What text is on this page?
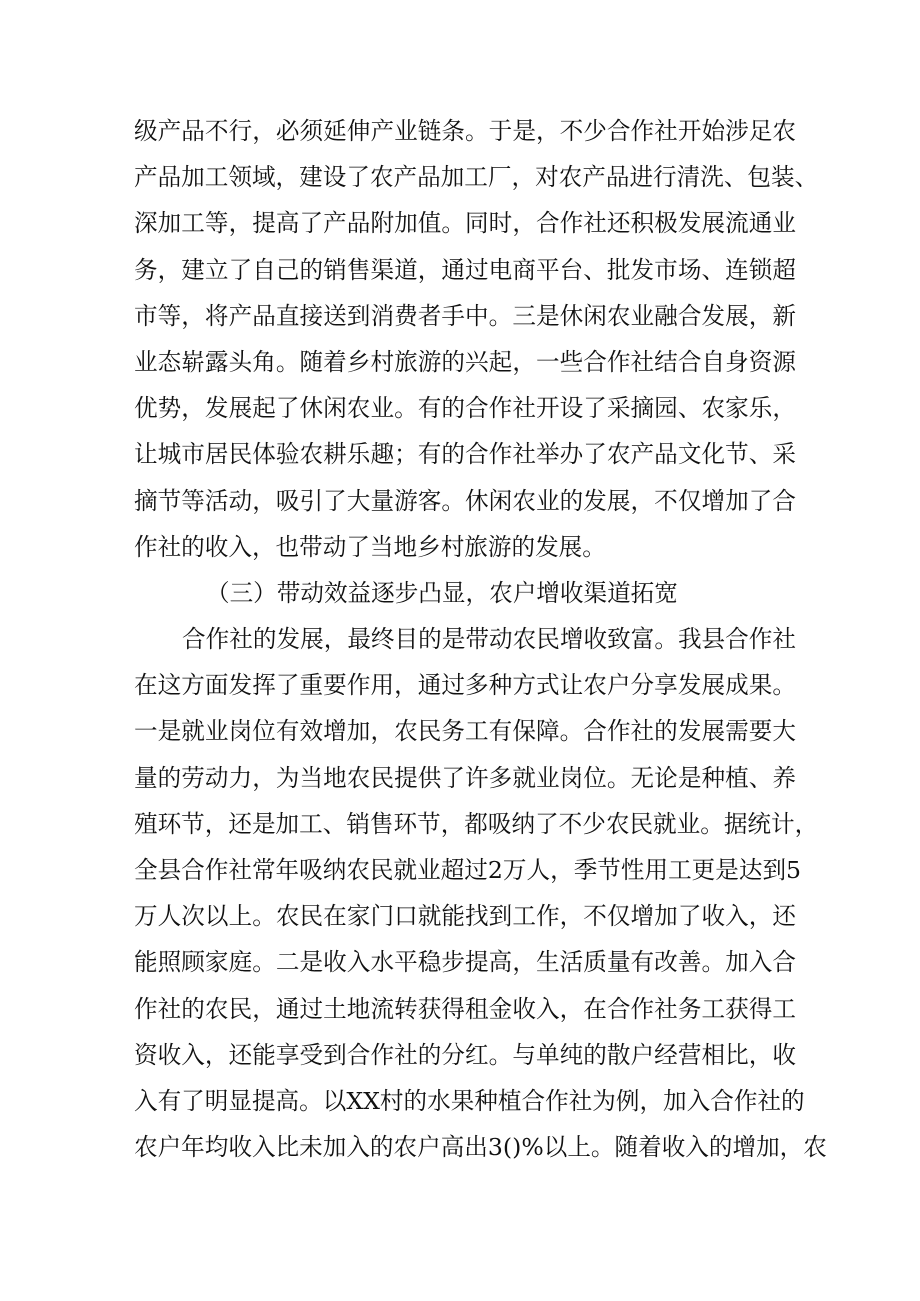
级产品不行，必须延伸产业链条。于是，不少合作社开始涉足农
产品加工领域，建设了农产品加工厂，对农产品进行清洗、包装、
深加工等，提高了产品附加值。同时，合作社还积极发展流通业
务，建立了自己的销售渠道，通过电商平台、批发市场、连锁超
市等，将产品直接送到消费者手中。三是休闲农业融合发展，新
业态崭露头角。随着乡村旅游的兴起，一些合作社结合自身资源
优势，发展起了休闲农业。有的合作社开设了采摘园、农家乐，
让城市居民体验农耕乐趣；有的合作社举办了农产品文化节、采
摘节等活动，吸引了大量游客。休闲农业的发展，不仅增加了合
作社的收入，也带动了当地乡村旅游的发展。
（三）带动效益逐步凸显，农户增收渠道拓宽
合作社的发展，最终目的是带动农民增收致富。我县合作社
在这方面发挥了重要作用，通过多种方式让农户分享发展成果。
一是就业岗位有效增加，农民务工有保障。合作社的发展需要大
量的劳动力，为当地农民提供了许多就业岗位。无论是种植、养
殖环节，还是加工、销售环节，都吸纳了不少农民就业。据统计，
全县合作社常年吸纳农民就业超过2万人，季节性用工更是达到5
万人次以上。农民在家门口就能找到工作，不仅增加了收入，还
能照顾家庭。二是收入水平稳步提高，生活质量有改善。加入合
作社的农民，通过土地流转获得租金收入，在合作社务工获得工
资收入，还能享受到合作社的分红。与单纯的散户经营相比，收
入有了明显提高。以XX村的水果种植合作社为例，加入合作社的
农户年均收入比未加入的农户高出3()%以上。随着收入的增加，农
